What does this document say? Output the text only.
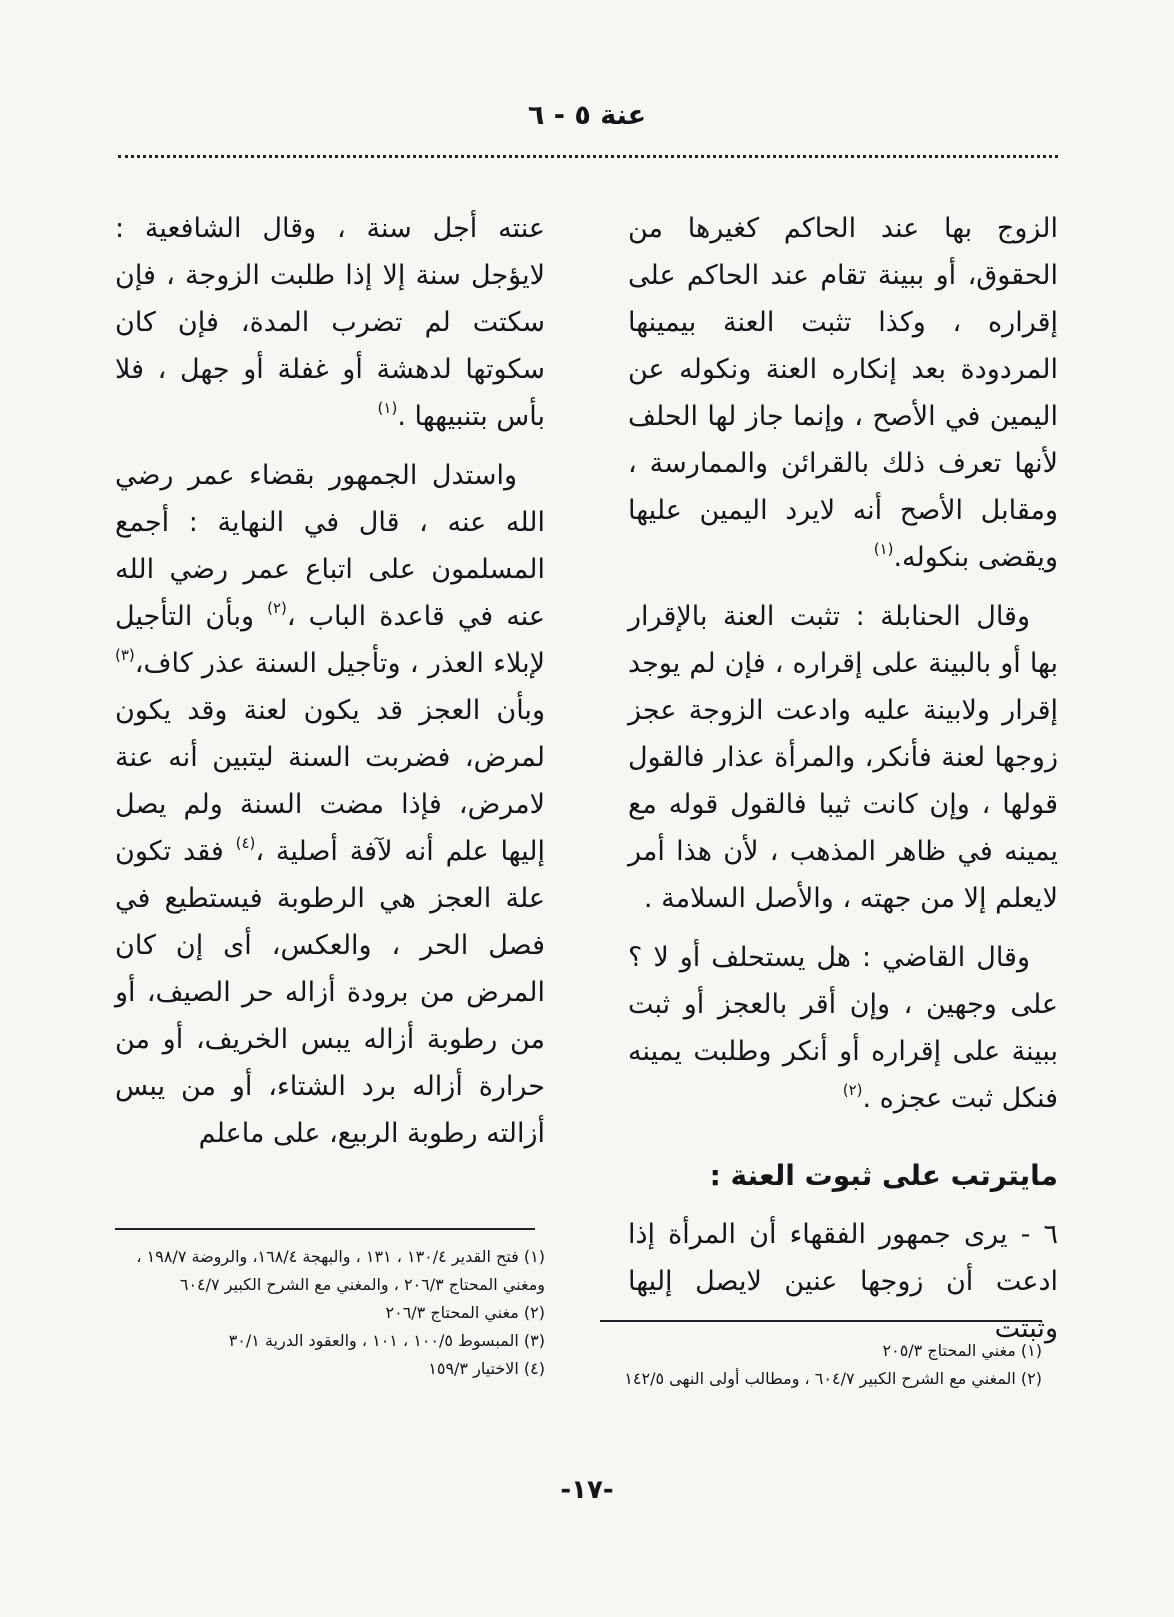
عنة ٥ - ٦

الزوج بها عند الحاكم كغيرها من الحقوق، أو ببينة تقام عند الحاكم على إقراره ، وكذا تثبت العنة بيمينها المردودة بعد إنكاره العنة ونكوله عن اليمين في الأصح ، وإنما جاز لها الحلف لأنها تعرف ذلك بالقرائن والممارسة ، ومقابل الأصح أنه لايرد اليمين عليها ويقضى بنكوله.$^{(١)}$

وقال الحنابلة : تثبت العنة بالإقرار بها أو بالبينة على إقراره ، فإن لم يوجد إقرار ولابينة عليه وادعت الزوجة عجز زوجها لعنة فأنكر، والمرأة عذار فالقول قولها ، وإن كانت ثيبا فالقول قوله مع يمينه في ظاهر المذهب ، لأن هذا أمر لايعلم إلا من جهته ، والأصل السلامة .

وقال القاضي : هل يستحلف أو لا ؟ على وجهين ، وإن أقر بالعجز أو ثبت ببينة على إقراره أو أنكر وطلبت يمينه فنكل ثبت عجزه .$^{(٢)}$

مايترتب على ثبوت العنة :

٦ - يرى جمهور الفقهاء أن المرأة إذا ادعت أن زوجها عنين لايصل إليها وثبتت

عنته أجل سنة ، وقال الشافعية : لايؤجل سنة إلا إذا طلبت الزوجة ، فإن سكتت لم تضرب المدة، فإن كان سكوتها لدهشة أو غفلة أو جهل ، فلا بأس بتنبيهها .$^{(١)}$

واستدل الجمهور بقضاء عمر رضي الله عنه ، قال في النهاية : أجمع المسلمون على اتباع عمر رضي الله عنه في قاعدة الباب ،$^{(٢)}$ وبأن التأجيل لإبلاء العذر ، وتأجيل السنة عذر كاف،$^{(٣)}$ وبأن العجز قد يكون لعنة وقد يكون لمرض، فضربت السنة ليتبين أنه عنة لامرض، فإذا مضت السنة ولم يصل إليها علم أنه لآفة أصلية ،$^{(٤)}$ فقد تكون علة العجز هي الرطوبة فيستطيع في فصل الحر ، والعكس، أى إن كان المرض من برودة أزاله حر الصيف، أو من رطوبة أزاله يبس الخريف، أو من حرارة أزاله برد الشتاء، أو من يبس أزالته رطوبة الربيع، على ماعلم

(١) فتح القدير ١٣٠/٤ ، ١٣١ ، والبهجة ١٦٨/٤، والروضة ١٩٨/٧ ، ومغني المحتاج ٢٠٦/٣ ، والمغني مع الشرح الكبير ٦٠٤/٧
(٢) مغني المحتاج ٢٠٦/٣
(٣) المبسوط ١٠٠/٥ ، ١٠١ ، والعقود الدرية ٣٠/١
(٤) الاختيار ١٥٩/٣
(١) مغني المحتاج ٢٠٥/٣
(٢) المغني مع الشرح الكبير ٦٠٤/٧ ، ومطالب أولى النهى ١٤٢/٥
-١٧-
